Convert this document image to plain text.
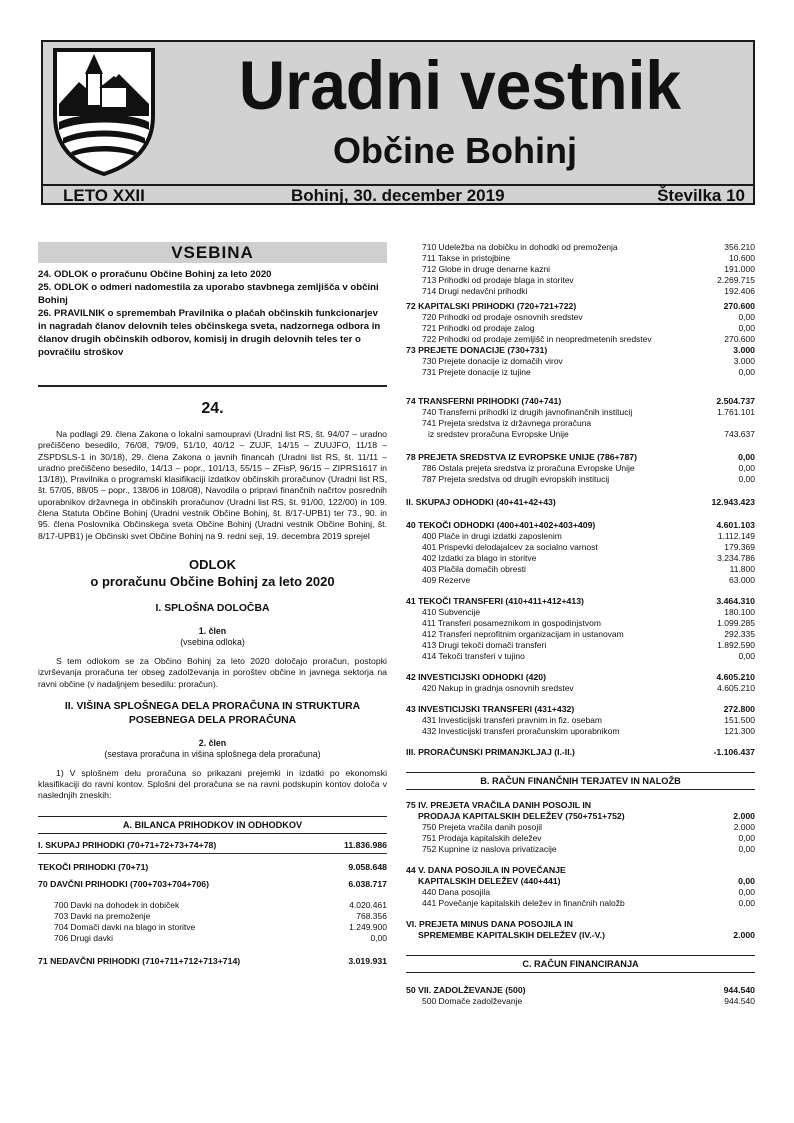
Uradni vestnik
Občine Bohinj
LETO XXII	Bohinj, 30. december 2019	Številka 10
VSEBINA

24. ODLOK o proračunu Občine Bohinj za leto 2020

25. ODLOK o odmeri nadomestila za uporabo stavbnega zemljišča v občini Bohinj

26. PRAVILNIK o spremembah Pravilnika o plačah občinskih funkcionarjev in nagradah članov delovnih teles občinskega sveta, nadzornega odbora in članov drugih občinskih odborov, komisij in drugih delovnih teles ter o povračilu stroškov

24.

Na podlagi 29. člena Zakona o lokalni samoupravi (Uradni list RS, št. 94/07 – uradno prečiščeno besedilo, 76/08, 79/09, 51/10, 40/12 – ZUJF, 14/15 – ZUUJFO, 11/18 – ZSPDSLS-1 in 30/18), 29. člena Zakona o javnih financah (Uradni list RS, št. 11/11 – uradno prečiščeno besedilo, 14/13 – popr., 101/13, 55/15 – ZFisP, 96/15 – ZIPRS1617 in 13/18)), Pravilnika o programski klasifikaciji izdatkov občinskih proračunov (Uradni list RS, št. 57/05, 88/05 – popr., 138/06 in 108/08), Navodila o pripravi finančnih načrtov posrednih uporabnikov državnega in občinskih proračunov (Uradni list RS, št. 91/00, 122/00) in 109. člena Statuta Občine Bohinj (Uradni vestnik Občine Bohinj, št. 8/17-UPB1) ter 73., 90. in 95. člena Poslovnika Občinskega sveta Občine Bohinj (Uradni vestnik Občine Bohinj, št. 8/17-UPB1) je Občinski svet Občine Bohinj na 9. redni seji, 19. decembra 2019 sprejel

ODLOK
o proračunu Občine Bohinj za leto 2020
I. SPLOŠNA DOLOČBA
1. člen
(vsebina odloka)

S tem odlokom se za Občino Bohinj za leto 2020 določajo proračun, postopki izvrševanja proračuna ter obseg zadolževanja in poroštev občine in javnega sektorja na ravni občine (v nadaljnjem besedilu: proračun).

II. VIŠINA SPLOŠNEGA DELA PRORAČUNA IN STRUKTURA POSEBNEGA DELA PRORAČUNA
2. člen
(sestava proračuna in višina splošnega dela proračuna)

1) V splošnem delu proračuna so prikazani prejemki in izdatki po ekonomski klasifikaciji do ravni kontov. Splošni del proračuna se na ravni podskupin kontov določa v naslednjih zneskih:

A. BILANCA PRIHODKOV IN ODHODKOV
I. SKUPAJ PRIHODKI (70+71+72+73+74+78)	11.836.986
TEKOČI PRIHODKI (70+71)	9.058.648
70 DAVČNI PRIHODKI (700+703+704+706)	6.038.717
700 Davki na dohodek in dobiček	4.020.461
703 Davki na premoženje	768.356
704 Domači davki na blago in storitve	1.249.900
706 Drugi davki	0,00
71 NEDAVČNI PRIHODKI (710+711+712+713+714)	3.019.931
710 Udeležba na dobičku in dohodki od premoženja	356.210
711 Takse in pristojbine	10.600
712 Globe in druge denarne kazni	191.000
713 Prihodki od prodaje blaga in storitev	2.269.715
714 Drugi nedavčni prihodki	192.406
72 KAPITALSKI PRIHODKI (720+721+722)	270.600
720 Prihodki od prodaje osnovnih sredstev	0,00
721 Prihodki od prodaje zalog	0,00
722 Prihodki od prodaje zemljišč in neopredmetenih sredstev	270.600
73 PREJETE DONACIJE (730+731)	3.000
730 Prejete donacije iz domačih virov	3.000
731 Prejete donacije iz tujine	0,00
74 TRANSFERNI PRIHODKI (740+741)	2.504.737
740 Transferni prihodki iz drugih javnofinančnih institucij	1.761.101
741 Prejeta sredstva iz državnega proračuna
iz sredstev proračuna Evropske Unije	743.637
78 PREJETA SREDSTVA IZ EVROPSKE UNIJE (786+787)	0,00
786 Ostala prejeta sredstva iz proračuna Evropske Unije	0,00
787 Prejeta sredstva od drugih evropskih institucij	0,00
II. SKUPAJ ODHODKI (40+41+42+43)	12.943.423
40 TEKOČI ODHODKI (400+401+402+403+409)	4.601.103
400 Plače in drugi izdatki zaposlenim	1.112.149
401 Prispevki delodajalcev za socialno varnost	179.369
402 Izdatki za blago in storitve	3.234.786
403 Plačila domačih obresti	11.800
409 Rezerve	63.000
41 TEKOČI TRANSFERI (410+411+412+413)	3.464.310
410 Subvencije	180.100
411 Transferi posameznikom in gospodinjstvom	1.099.285
412 Transferi neprofitnim organizacijam in ustanovam	292.335
413 Drugi tekoči domači transferi	1.892.590
414 Tekoči transferi v tujino	0,00
42 INVESTICIJSKI ODHODKI (420)	4.605.210
420 Nakup in gradnja osnovnih sredstev	4.605.210
43 INVESTICIJSKI TRANSFERI (431+432)	272.800
431 Investicijski transferi pravnim in fiz. osebam	151.500
432 Investicijski transferi proračunskim uporabnikom	121.300
III. PRORAČUNSKI PRIMANJKLJAJ (I.-II.)	-1.106.437
B. RAČUN FINANČNIH TERJATEV IN NALOŽB
75 IV. PREJETA VRAČILA DANIH POSOJIL IN
PRODAJA KAPITALSKIH DELEŽEV (750+751+752)	2.000
750 Prejeta vračila danih posojil	2.000
751 Prodaja kapitalskih deležev	0,00
752 Kupnine iz naslova privatizacije	0,00
44 V. DANA POSOJILA IN POVEČANJE
KAPITALSKIH DELEŽEV (440+441)	0,00
440 Dana posojila	0,00
441 Povečanje kapitalskih deležev in finančnih naložb	0,00
VI. PREJETA MINUS DANA POSOJILA IN
SPREMEMBE KAPITALSKIH DELEŽEV (IV.-V.)	2.000
C. RAČUN FINANCIRANJA
50 VII. ZADOLŽEVANJE (500)	944.540
500 Domače zadolževanje	944.540
